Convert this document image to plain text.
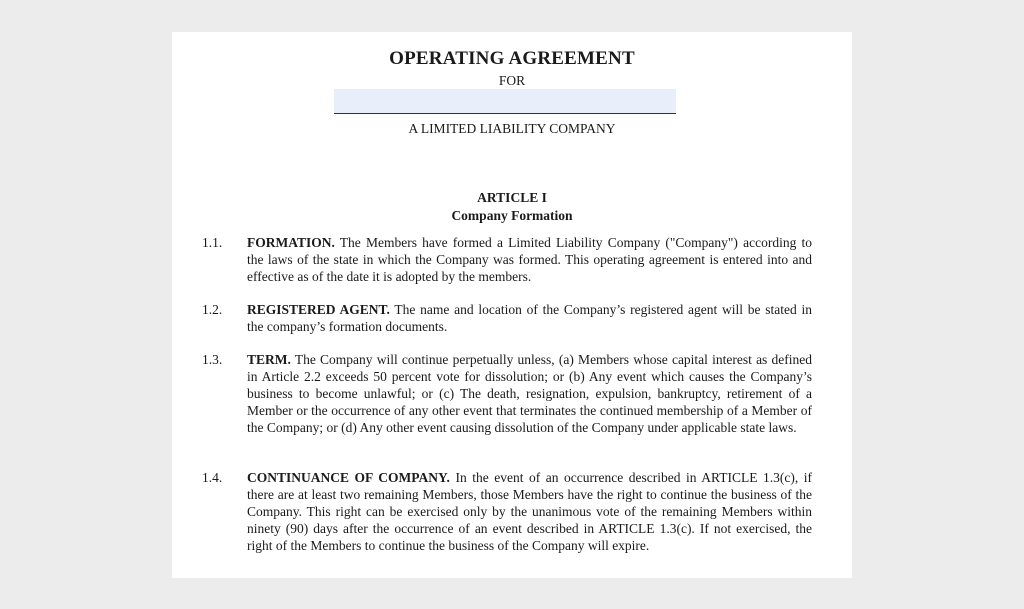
OPERATING AGREEMENT
FOR
A LIMITED LIABILITY COMPANY
ARTICLE I
Company Formation
1.1. FORMATION. The Members have formed a Limited Liability Company ("Company") according to the laws of the state in which the Company was formed. This operating agreement is entered into and effective as of the date it is adopted by the members.
1.2. REGISTERED AGENT. The name and location of the Company’s registered agent will be stated in the company’s formation documents.
1.3. TERM. The Company will continue perpetually unless, (a) Members whose capital interest as defined in Article 2.2 exceeds 50 percent vote for dissolution; or (b) Any event which causes the Company’s business to become unlawful; or (c) The death, resignation, expulsion, bankruptcy, retirement of a Member or the occurrence of any other event that terminates the continued membership of a Member of the Company; or (d) Any other event causing dissolution of the Company under applicable state laws.
1.4. CONTINUANCE OF COMPANY. In the event of an occurrence described in ARTICLE 1.3(c), if there are at least two remaining Members, those Members have the right to continue the business of the Company. This right can be exercised only by the unanimous vote of the remaining Members within ninety (90) days after the occurrence of an event described in ARTICLE 1.3(c). If not exercised, the right of the Members to continue the business of the Company will expire.
